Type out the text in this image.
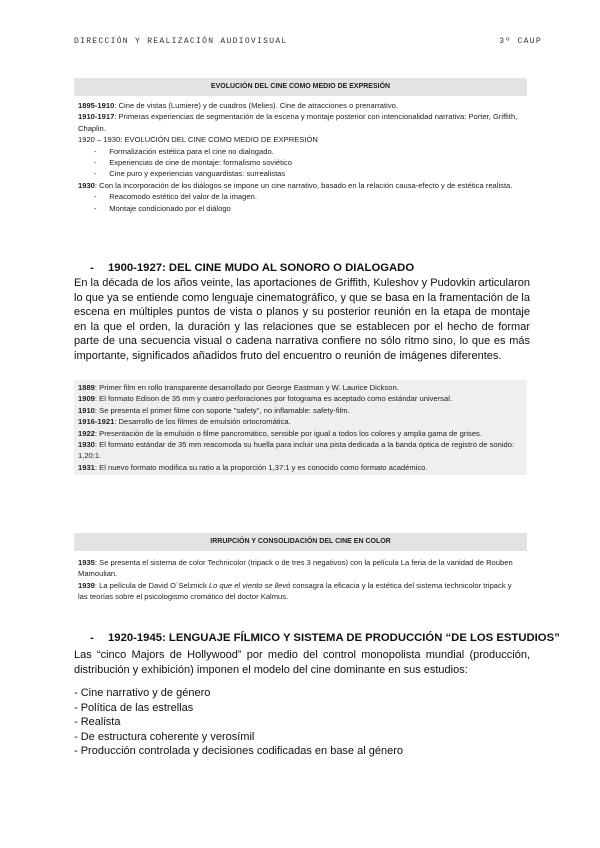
DIRECCIÓN Y REALIZACIÓN AUDIOVISUAL	3º CAUP
EVOLUCIÓN DEL CINE COMO MEDIO DE EXPRESIÓN

1895-1910: Cine de vistas (Lumiere) y de cuadros (Melies). Cine de atracciones o prenarrativo.

1910-1917: Primeras experiencias de segmentación de la escena y montaje posterior con intencionalidad narrativa: Porter, Griffith, Chaplin.

1920 – 1930: EVOLUCIÓN DEL CINE COMO MEDIO DE EXPRESIÓN

-      Formalización estética para el cine no dialogado.

-      Experiencias de cine de montaje: formalismo soviético

-      Cine puro y experiencias vanguardistas: surrealistas

1930: Con la incorporación de los diálogos se impone un cine narrativo, basado en la relación causa-efecto y de estética realista.

-      Reacomodo estético del valor de la imagen.

-      Montaje condicionado por el diálogo

- 1900-1927: DEL CINE MUDO AL SONORO O DIALOGADO

En la década de los años veinte, las aportaciones de Griffith, Kuleshov y Pudovkin articularon lo que ya se entiende como lenguaje cinematográfico, y que se basa en la framentación de la escena en múltiples puntos de vista o planos y su posterior reunión en la etapa de montaje en la que el orden, la duración y las relaciones que se establecen por el hecho de formar parte de una secuencia visual o cadena narrativa confiere no sólo ritmo sino, lo que es más importante, significados añadidos fruto del encuentro o reunión de imágenes diferentes.

1889: Primer film en rollo transparente desarrollado por George Eastman y W. Laurice Dickson.

1909: El formato Edison de 35 mm y cuatro perforaciones por fotograma es aceptado como estándar universal.

1910: Se presenta el primer filme con soporte "safety", no inflamable: safety-film.

1916-1921: Desarrollo de los filmes de emulsión ortocromática.

1922: Presentación de la emulsión o filme pancromático, sensible por igual a todos los colores y amplia gama de grises.

1930: El formato estándar de 35 mm reacomoda su huella para incluir una pista dedicada a la banda óptica de registro de sonido: 1,20:1.

1931: El nuevo formato modifica su ratio a la proporción 1,37:1 y es conocido como formato académico.

IRRUPCIÓN Y CONSOLIDACIÓN DEL CINE EN COLOR

1935: Se presenta el sistema de color Technicolor (tripack o de tres 3 negativos) con la película La feria de la vanidad de Rouben Mamoulian.

1939: La película de David O´Selznick Lo que el viento se llevó consagra la eficacia y la estética del sistema technicolor tripack y las teorías sobre el psicologismo cromático del doctor Kalmus.

- 1920-1945: LENGUAJE FÍLMICO Y SISTEMA DE PRODUCCIÓN “DE LOS ESTUDIOS”

Las “cinco Majors de Hollywood” por medio del control monopolista mundial (producción, distribución y exhibición) imponen el modelo del cine dominante en sus estudios:

- Cine narrativo y de género
- Política de las estrellas
- Realista
- De estructura coherente y verosímil
- Producción controlada y decisiones codificadas en base al género
